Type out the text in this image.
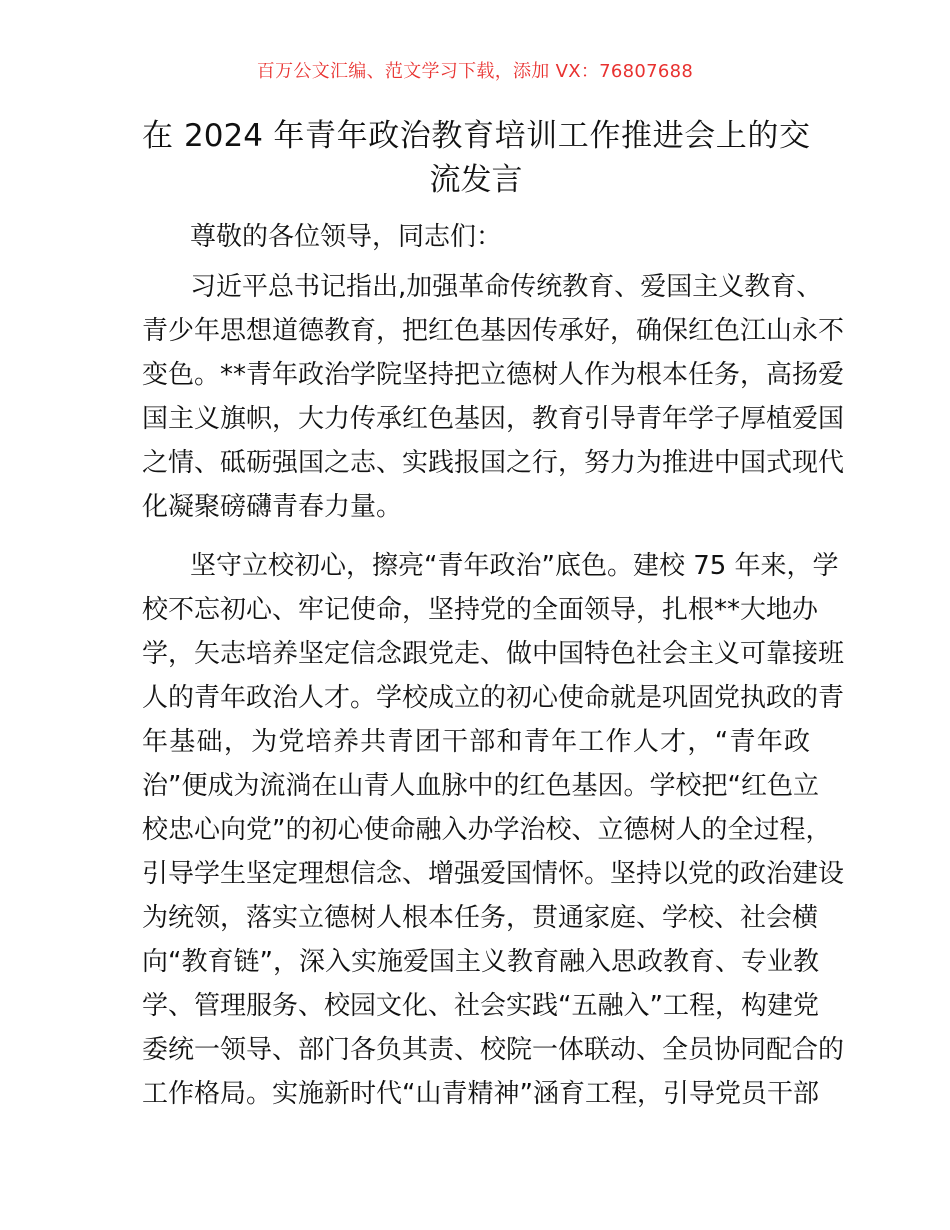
百万公文汇编、范文学习下载，添加 VX：76807688
在 2024 年青年政治教育培训工作推进会上的交
流发言
尊敬的各位领导，同志们：
习近平总书记指出,加强革命传统教育、爱国主义教育、
青少年思想道德教育，把红色基因传承好，确保红色江山永不
变色。**青年政治学院坚持把立德树人作为根本任务，高扬爱
国主义旗帜，大力传承红色基因，教育引导青年学子厚植爱国
之情、砥砺强国之志、实践报国之行，努力为推进中国式现代
化凝聚磅礴青春力量。
坚守立校初心，擦亮“青年政治”底色。建校 75 年来，学
校不忘初心、牢记使命，坚持党的全面领导，扎根**大地办
学，矢志培养坚定信念跟党走、做中国特色社会主义可靠接班
人的青年政治人才。学校成立的初心使命就是巩固党执政的青
年基础，为党培养共青团干部和青年工作人才，“青年政
治”便成为流淌在山青人血脉中的红色基因。学校把“红色立
校忠心向党”的初心使命融入办学治校、立德树人的全过程，
引导学生坚定理想信念、增强爱国情怀。坚持以党的政治建设
为统领，落实立德树人根本任务，贯通家庭、学校、社会横
向“教育链”，深入实施爱国主义教育融入思政教育、专业教
学、管理服务、校园文化、社会实践“五融入”工程，构建党
委统一领导、部门各负其责、校院一体联动、全员协同配合的
工作格局。实施新时代“山青精神”涵育工程，引导党员干部
